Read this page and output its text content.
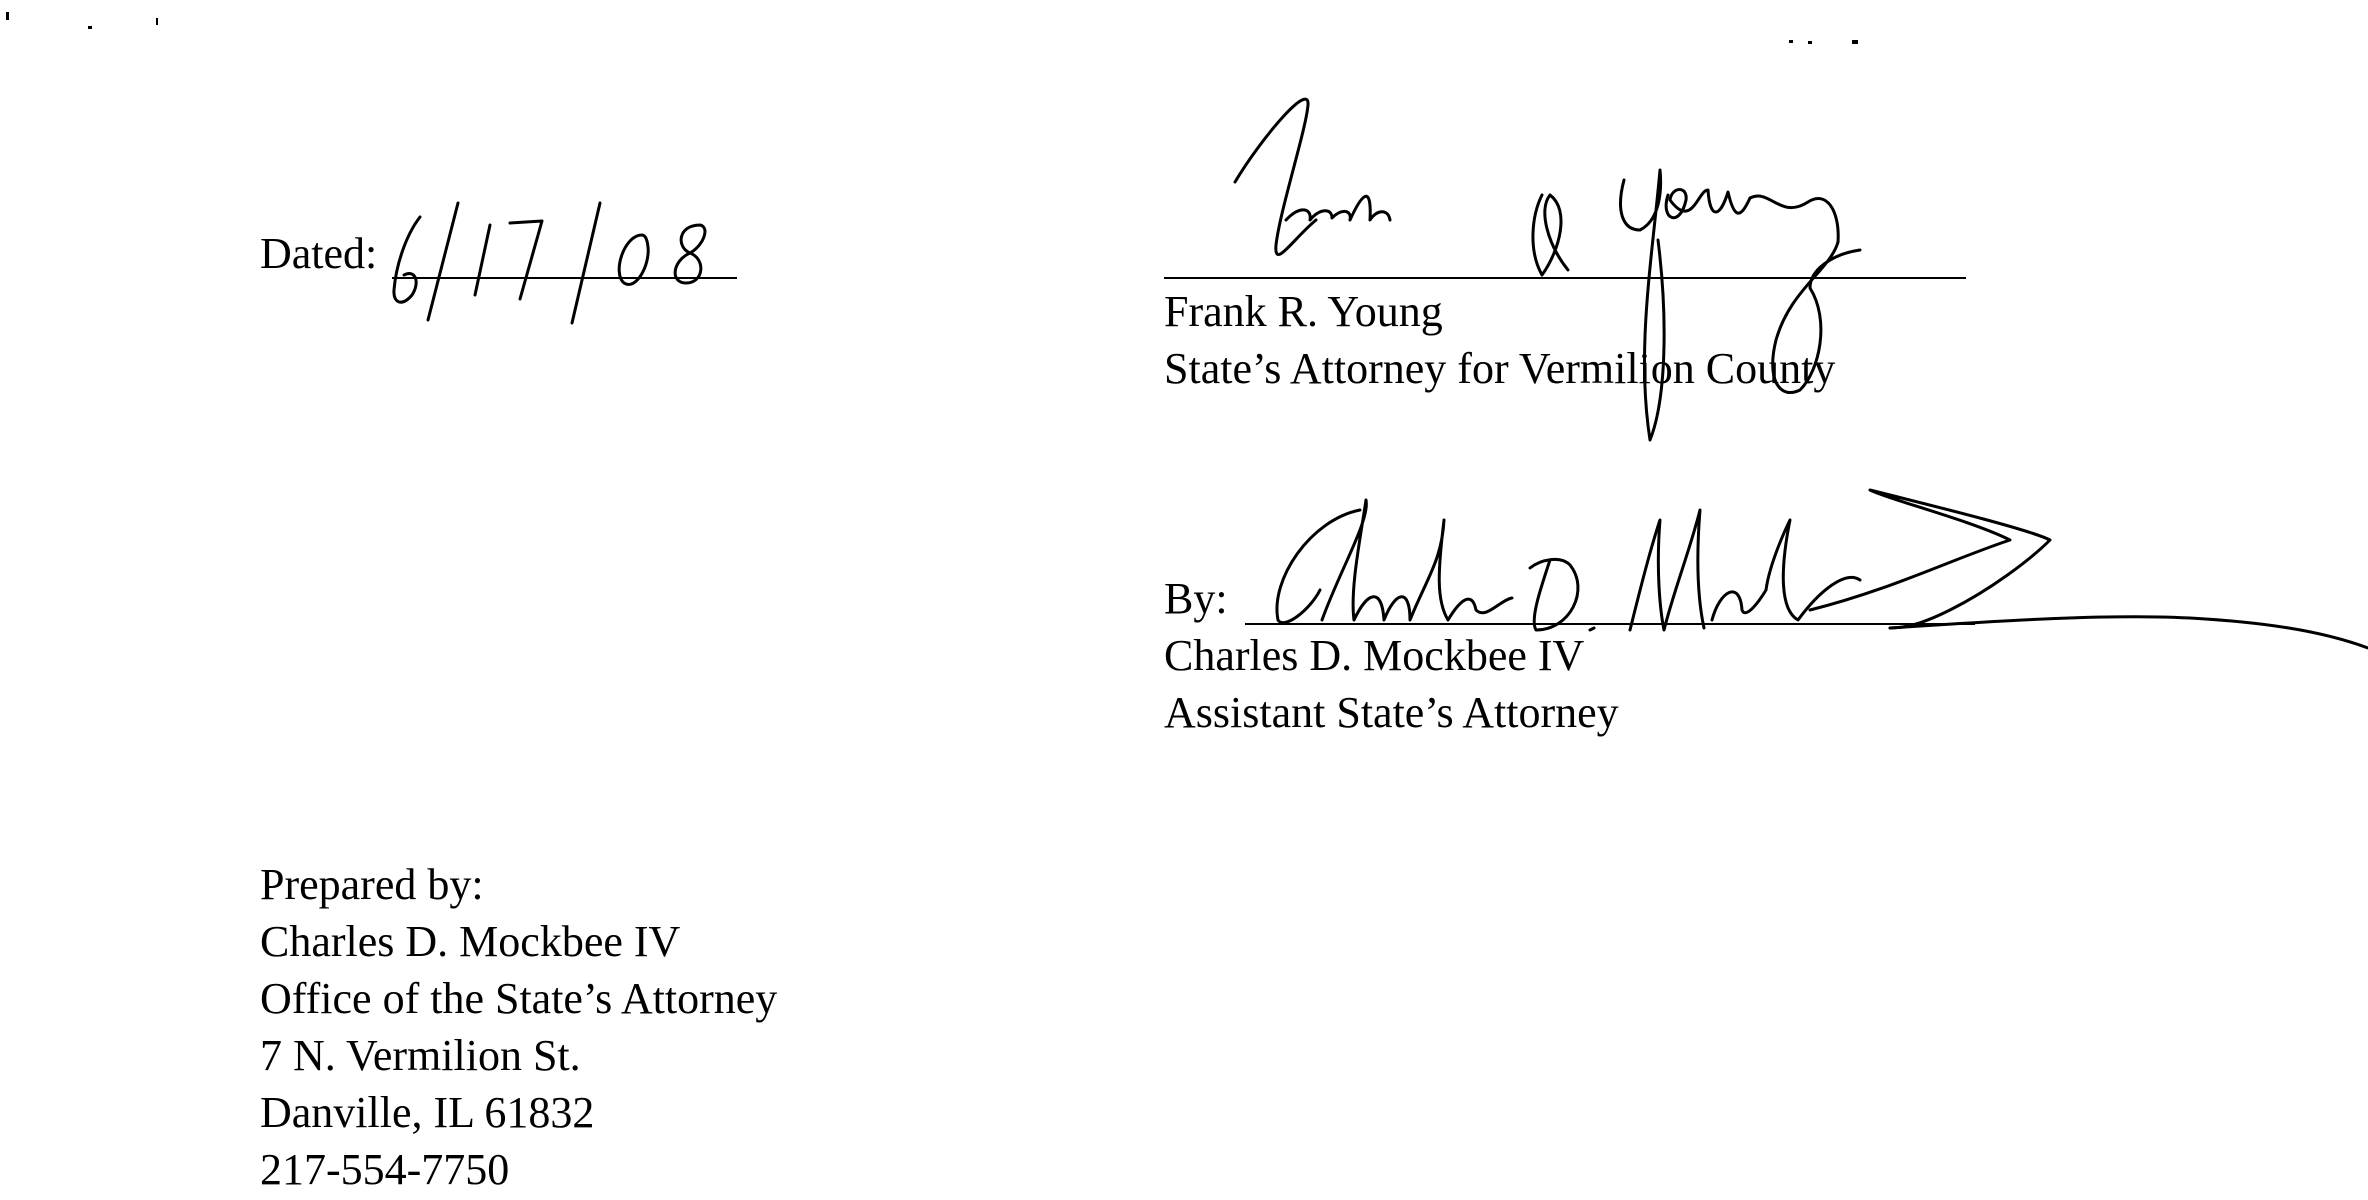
Dated:
Frank R. Young
State’s Attorney for Vermilion County
By:
Charles D. Mockbee IV
Assistant State’s Attorney
Prepared by:
Charles D. Mockbee IV
Office of the State’s Attorney
7 N. Vermilion St.
Danville, IL 61832
217-554-7750
